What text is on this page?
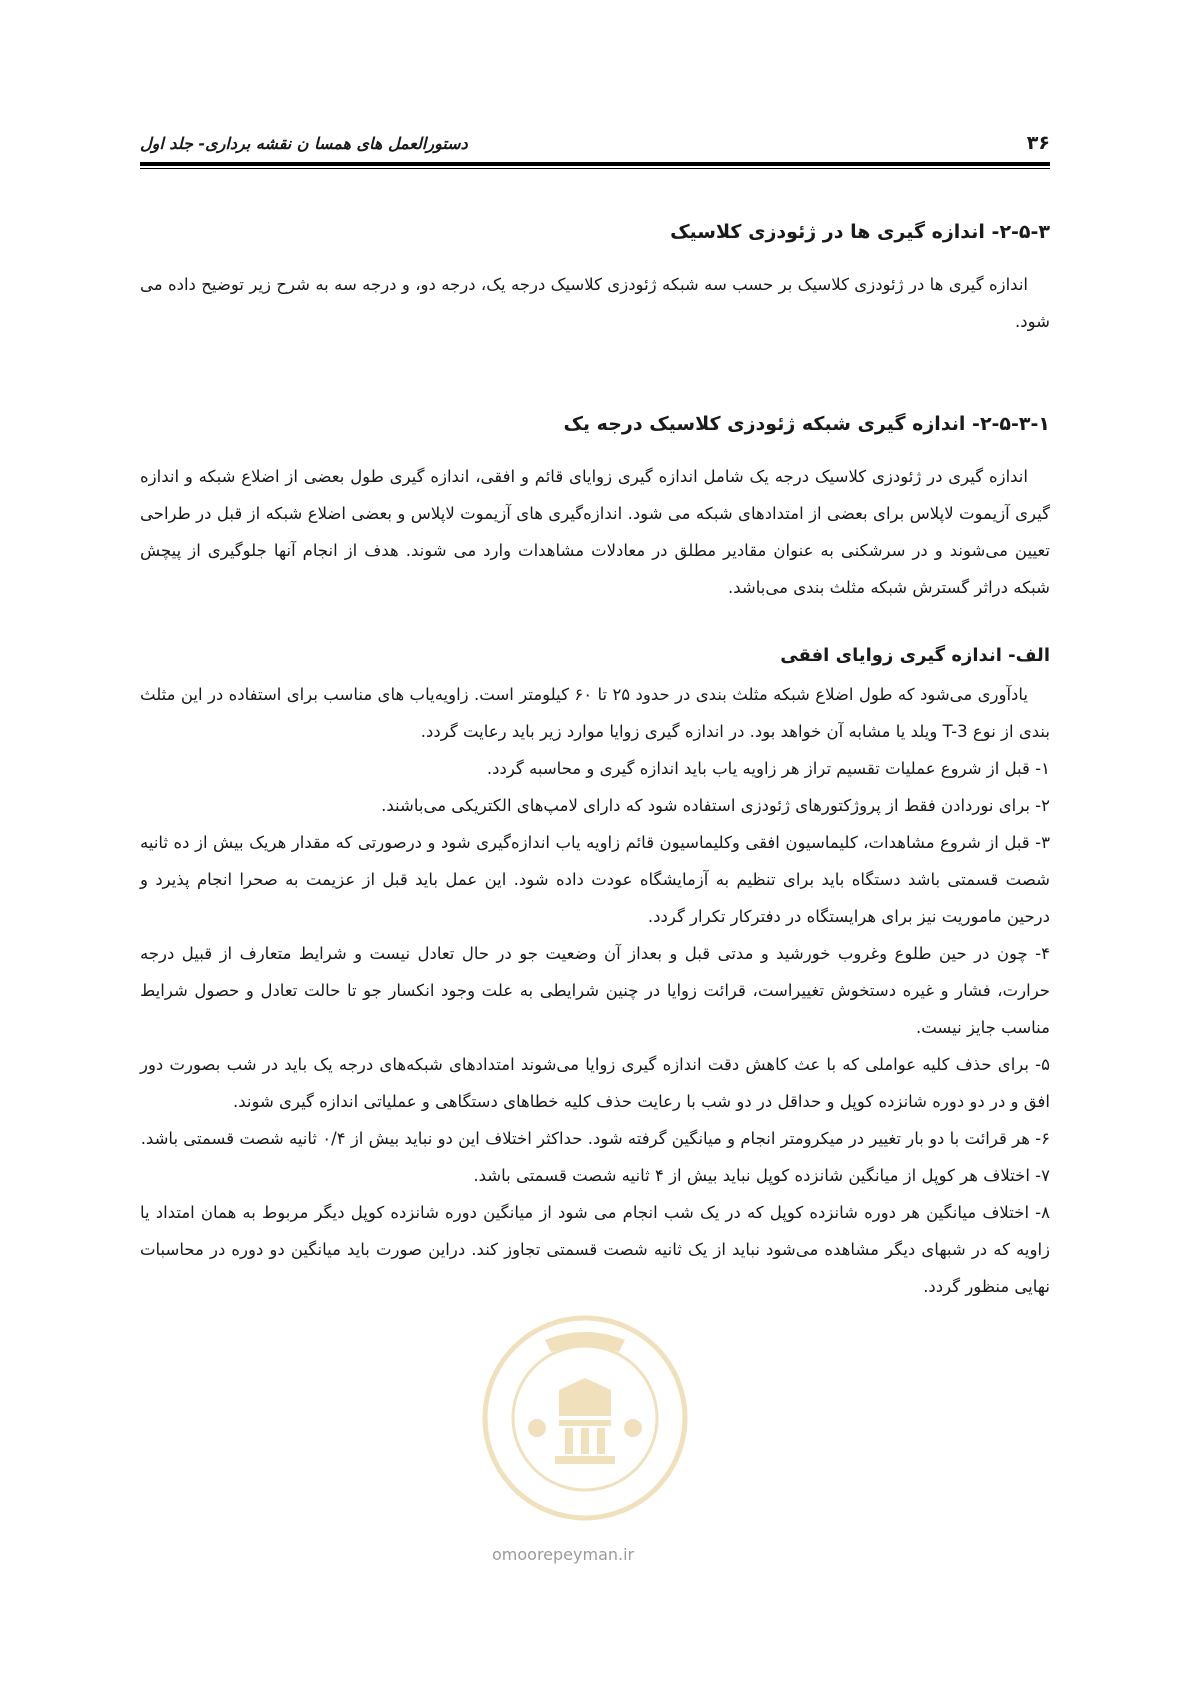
۳۶
دستورالعمل های همسا ن نقشه برداری- جلد اول
۲-۵-۳- اندازه گیری ها در ژئودزی کلاسیک

اندازه گیری ها در ژئودزی کلاسیک بر حسب سه شبکه ژئودزی کلاسیک درجه یک، درجه دو، و درجه سه به شرح زیر توضیح داده می شود.

۲-۵-۳-۱- اندازه گیری شبکه ژئودزی کلاسیک درجه یک

اندازه گیری در ژئودزی کلاسیک درجه یک شامل اندازه گیری زوایای قائم و افقی، اندازه گیری طول بعضی از اضلاع شبکه و اندازه گیری آزیموت لاپلاس برای بعضی از امتدادهای شبکه می شود. اندازه‌گیری های آزیموت لاپلاس و بعضی اضلاع شبکه از قبل در طراحی تعیین می‌شوند و در سرشکنی به عنوان مقادیر مطلق در معادلات مشاهدات وارد می شوند. هدف از انجام آنها جلوگیری از پیچش شبکه دراثر گسترش شبکه مثلث بندی می‌باشد.

الف- اندازه گیری زوایای افقی

یادآوری می‌شود که طول اضلاع شبکه مثلث بندی در حدود ۲۵ تا ۶۰ کیلومتر است. زاویه‌یاب های مناسب برای استفاده در این مثلث بندی از نوع T-3 ویلد یا مشابه آن خواهد بود. در اندازه گیری زوایا موارد زیر باید رعایت گردد.

۱- قبل از شروع عملیات تقسیم تراز هر زاویه یاب باید اندازه گیری و محاسبه گردد.

۲- برای نوردادن فقط از پروژکتورهای ژئودزی استفاده شود که دارای لامپ‌های الکتریکی می‌باشند.

۳- قبل از شروع مشاهدات، کلیماسیون افقی وکلیماسیون قائم زاویه یاب اندازه‌گیری شود و درصورتی که مقدار هریک بیش از ده ثانیه شصت قسمتی باشد دستگاه باید برای تنظیم به آزمایشگاه عودت داده شود. این عمل باید قبل از عزیمت به صحرا انجام پذیرد و درحین ماموریت نیز برای هرایستگاه در دفترکار تکرار گردد.

۴- چون در حین طلوع وغروب خورشید و مدتی قبل و بعداز آن وضعیت جو در حال تعادل نیست و شرایط متعارف از قبیل درجه حرارت، فشار و غیره دستخوش تغییراست، قرائت زوایا در چنین شرایطی به علت وجود انکسار جو تا حالت تعادل و حصول شرایط مناسب جایز نیست.

۵- برای حذف کلیه عواملی که با عث کاهش دقت اندازه گیری زوایا می‌شوند امتدادهای شبکه‌های درجه یک باید در شب بصورت دور افق و در دو دوره شانزده کوپل و حداقل در دو شب با رعایت حذف کلیه خطاهای دستگاهی و عملیاتی اندازه گیری شوند.

۶- هر قرائت با دو بار تغییر در میکرومتر انجام و میانگین گرفته شود. حداکثر اختلاف این دو نباید بیش از ۰/۴ ثانیه شصت قسمتی باشد.

۷- اختلاف هر کوپل از میانگین شانزده کوپل نباید بیش از ۴ ثانیه شصت قسمتی باشد.

۸- اختلاف میانگین هر دوره شانزده کوپل که در یک شب انجام می شود از میانگین دوره شانزده کوپل دیگر مربوط به همان امتداد یا زاویه که در شبهای دیگر مشاهده می‌شود نباید از یک ثانیه شصت قسمتی تجاوز کند. دراین صورت باید میانگین دو دوره در محاسبات نهایی منظور گردد.

omoorepeyman.ir
